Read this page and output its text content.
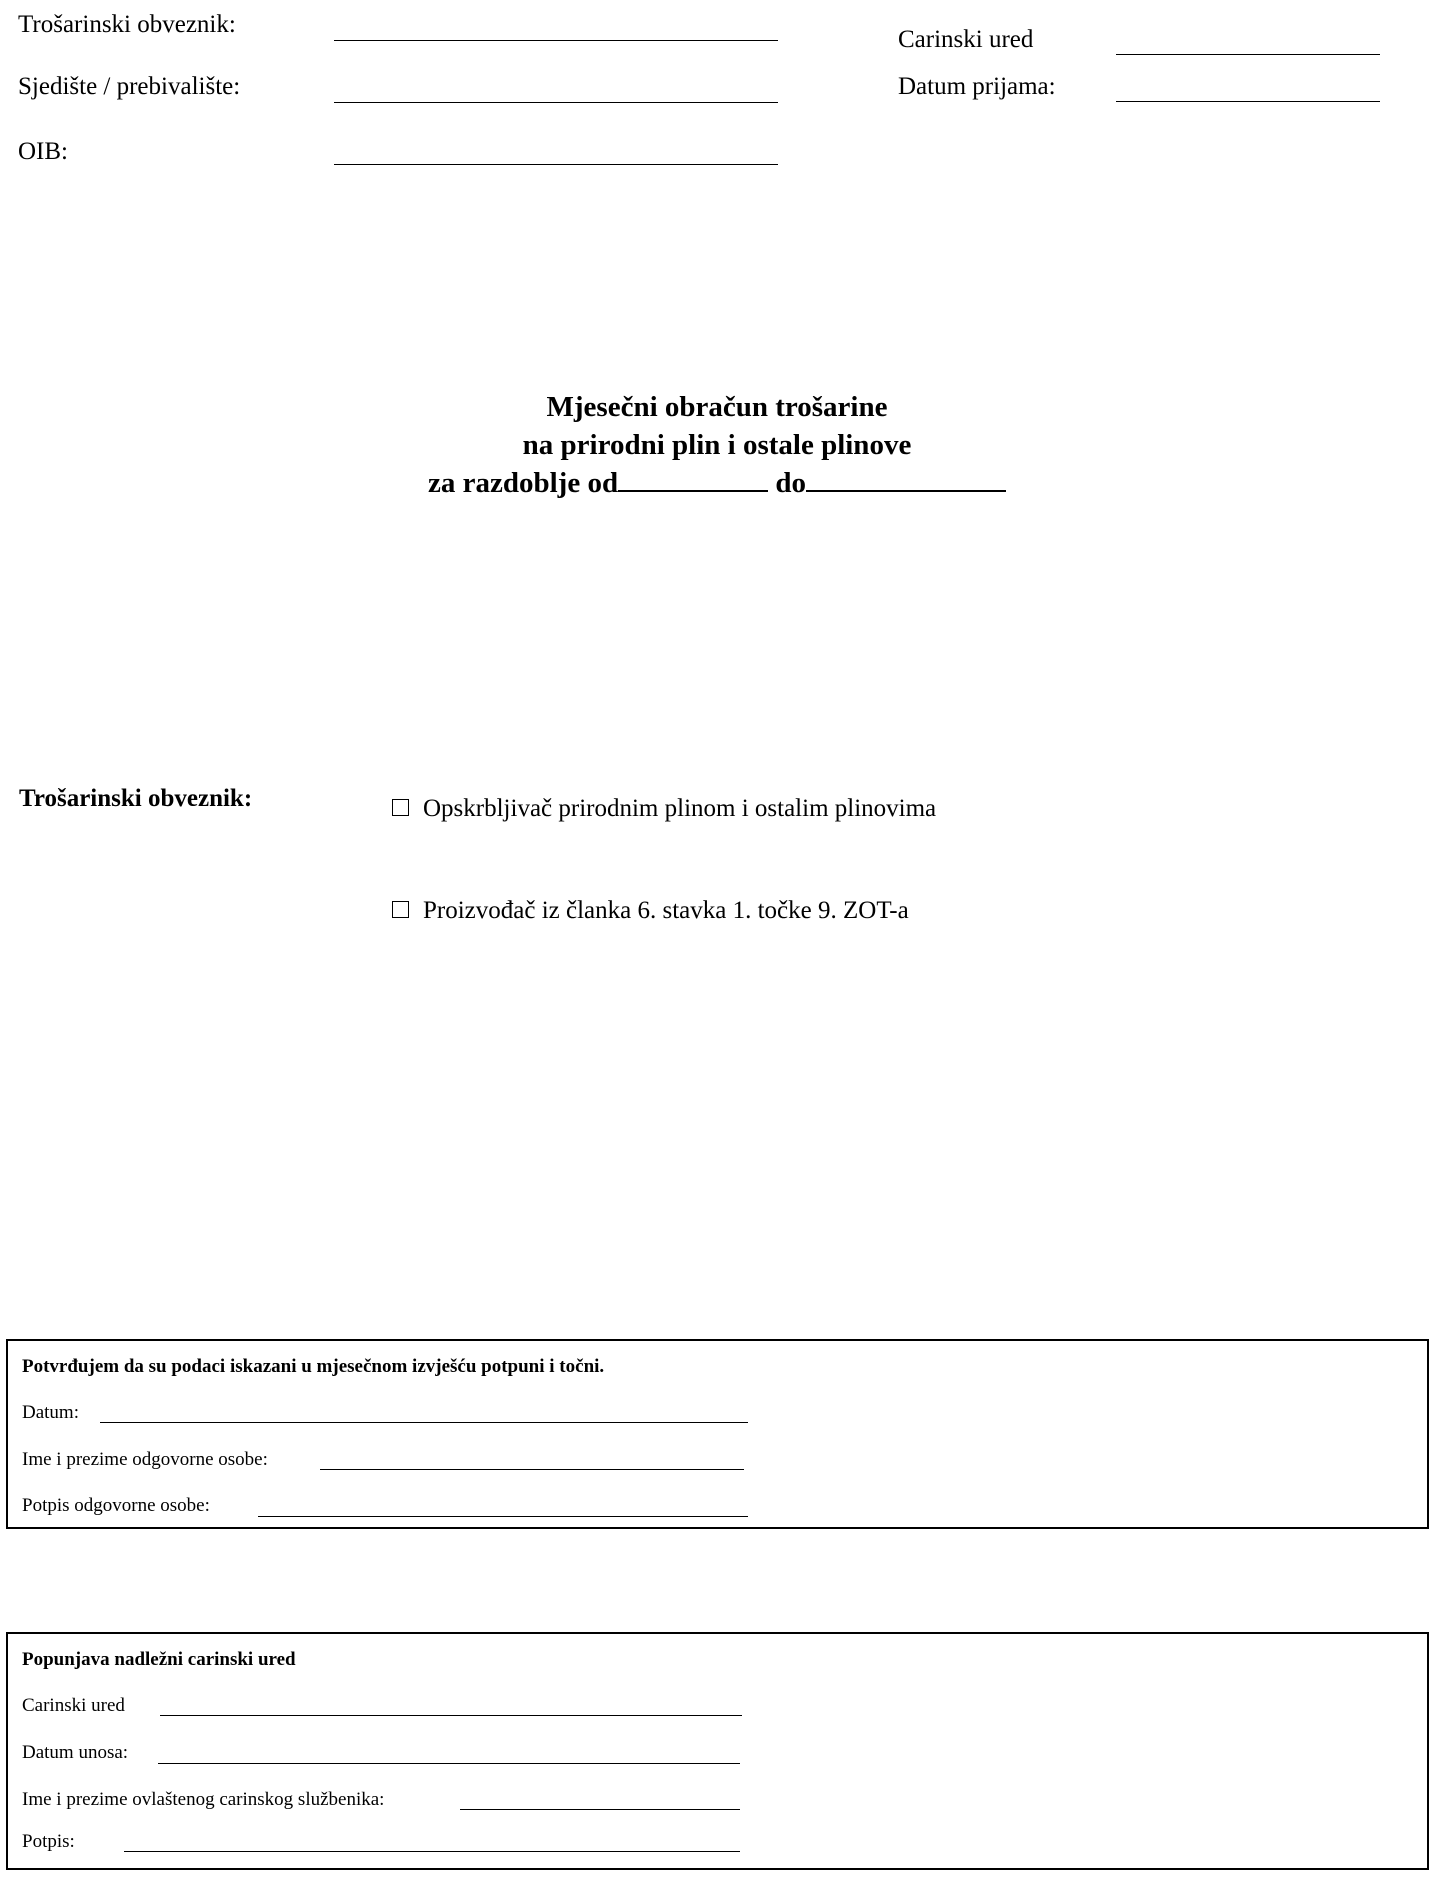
Trošarinski obveznik:
Sjedište / prebivalište:
OIB:
Carinski ured
Datum prijama:
Mjesečni obračun trošarine
na prirodni plin i ostale plinove
za razdoblje od	do
Trošarinski obveznik:	Opskrbljivač prirodnim plinom i ostalim plinovima
Proizvođač iz članka 6. stavka 1. točke 9. ZOT-a
Potvrđujem da su podaci iskazani u mjesečnom izvješću potpuni i točni.
Datum:
Ime i prezime odgovorne osobe:
Potpis odgovorne osobe:
Popunjava nadležni carinski ured
Carinski ured
Datum unosa:
Ime i prezime ovlaštenog carinskog službenika:
Potpis:
